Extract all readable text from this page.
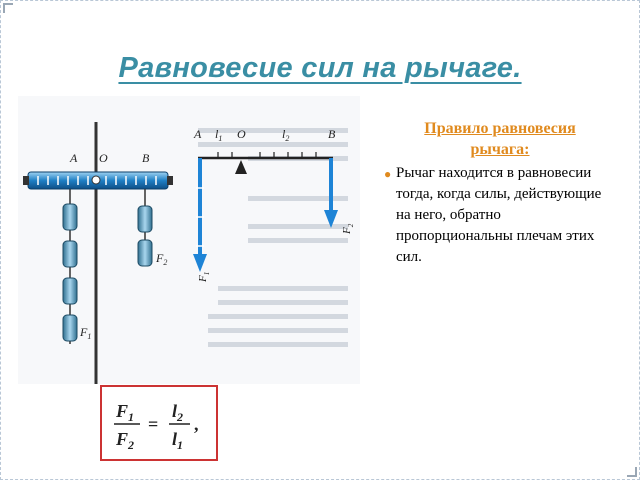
Равновесие сил на рычаге.
A O	B
$F_2$
$F_1$
A $l_1$ O	$l_2$	B
$F_1$
$F_2$
Правило равновесия рычага:
● Рычаг находится в равновесии тогда, когда силы, действующие на него, обратно пропорциональны плечам этих сил.
$F_1$
$F_2$
=
$l_2$
$l_1$
,
